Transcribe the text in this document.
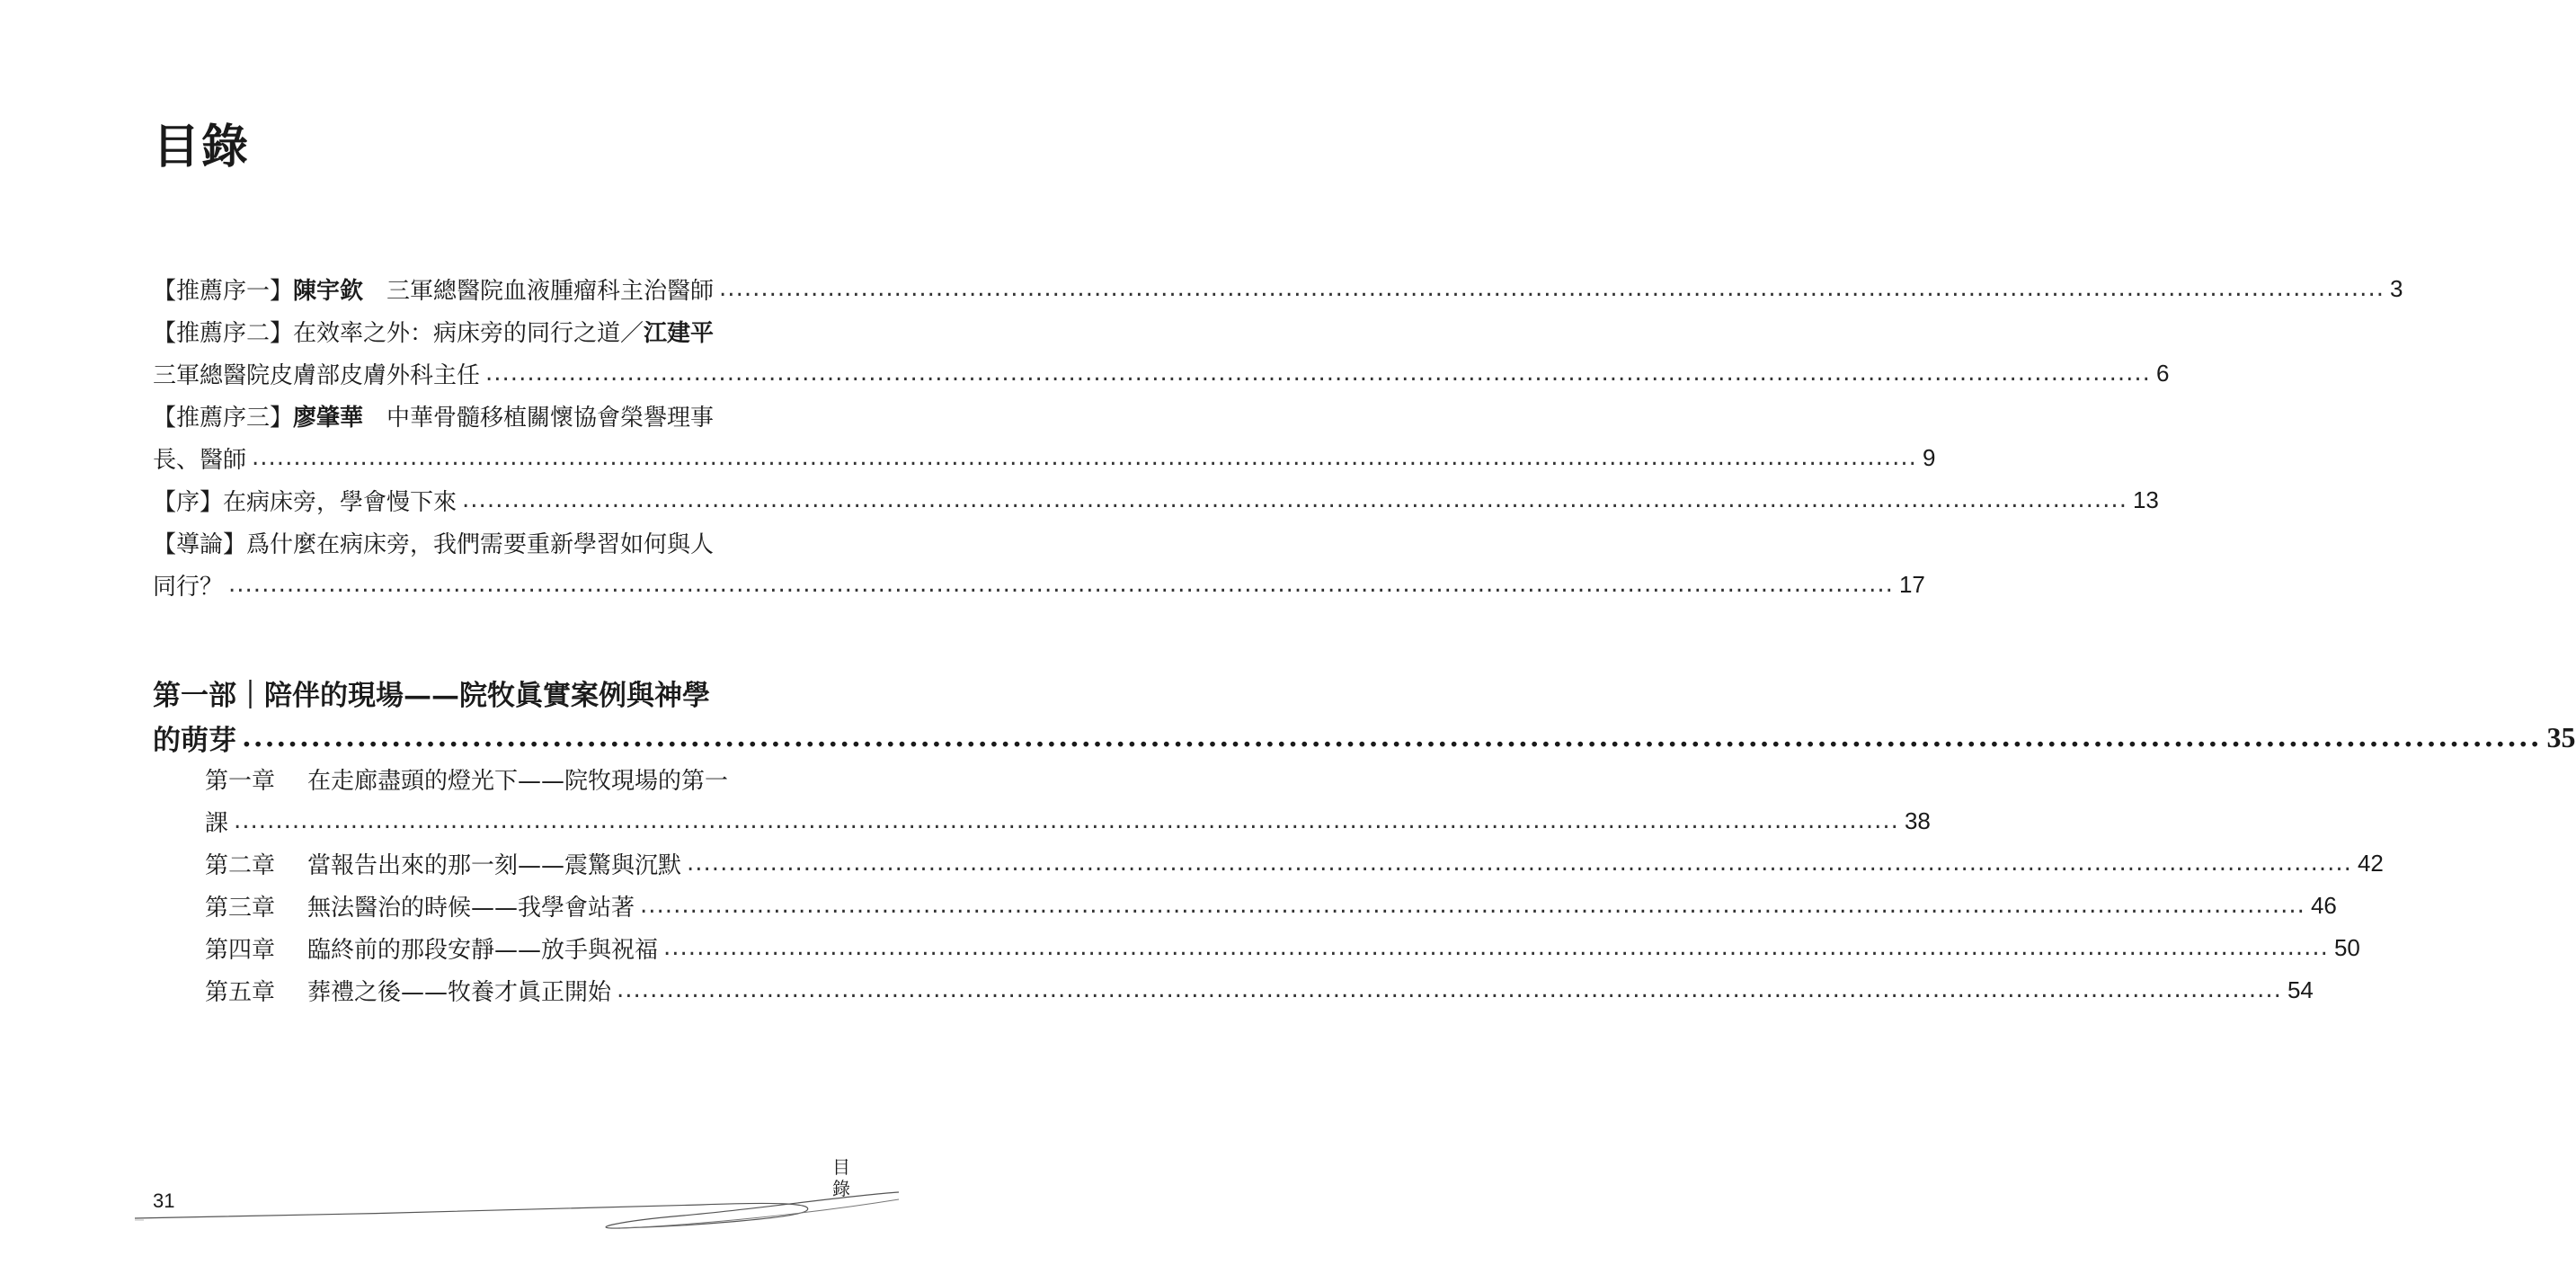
目錄
【推薦序一】陳宇欽　三軍總醫院血液腫瘤科主治醫師 ........................................................................................................................................................................................................ 3
【推薦序二】在效率之外：病床旁的同行之道／江建平
三軍總醫院皮膚部皮膚外科主任 ........................................................................................................................................................................................................ 6
【推薦序三】廖肇華　中華骨髓移植關懷協會榮譽理事
長、醫師 ........................................................................................................................................................................................................ 9
【序】在病床旁，學會慢下來 ........................................................................................................................................................................................................ 13
【導論】爲什麼在病床旁，我們需要重新學習如何與人
同行？ ........................................................................................................................................................................................................ 17
第一部｜陪伴的現場——院牧眞實案例與神學
的萌芽 ........................................................................................................................................................................................................ 35
第一章 在走廊盡頭的燈光下——院牧現場的第一
課 ........................................................................................................................................................................................................ 38
第二章 當報告出來的那一刻——震驚與沉默 ........................................................................................................................................................................................................ 42
第三章 無法醫治的時候——我學會站著 ........................................................................................................................................................................................................ 46
第四章 臨終前的那段安靜——放手與祝福 ........................................................................................................................................................................................................ 50
第五章 葬禮之後——牧養才眞正開始 ........................................................................................................................................................................................................ 54
31
目錄
